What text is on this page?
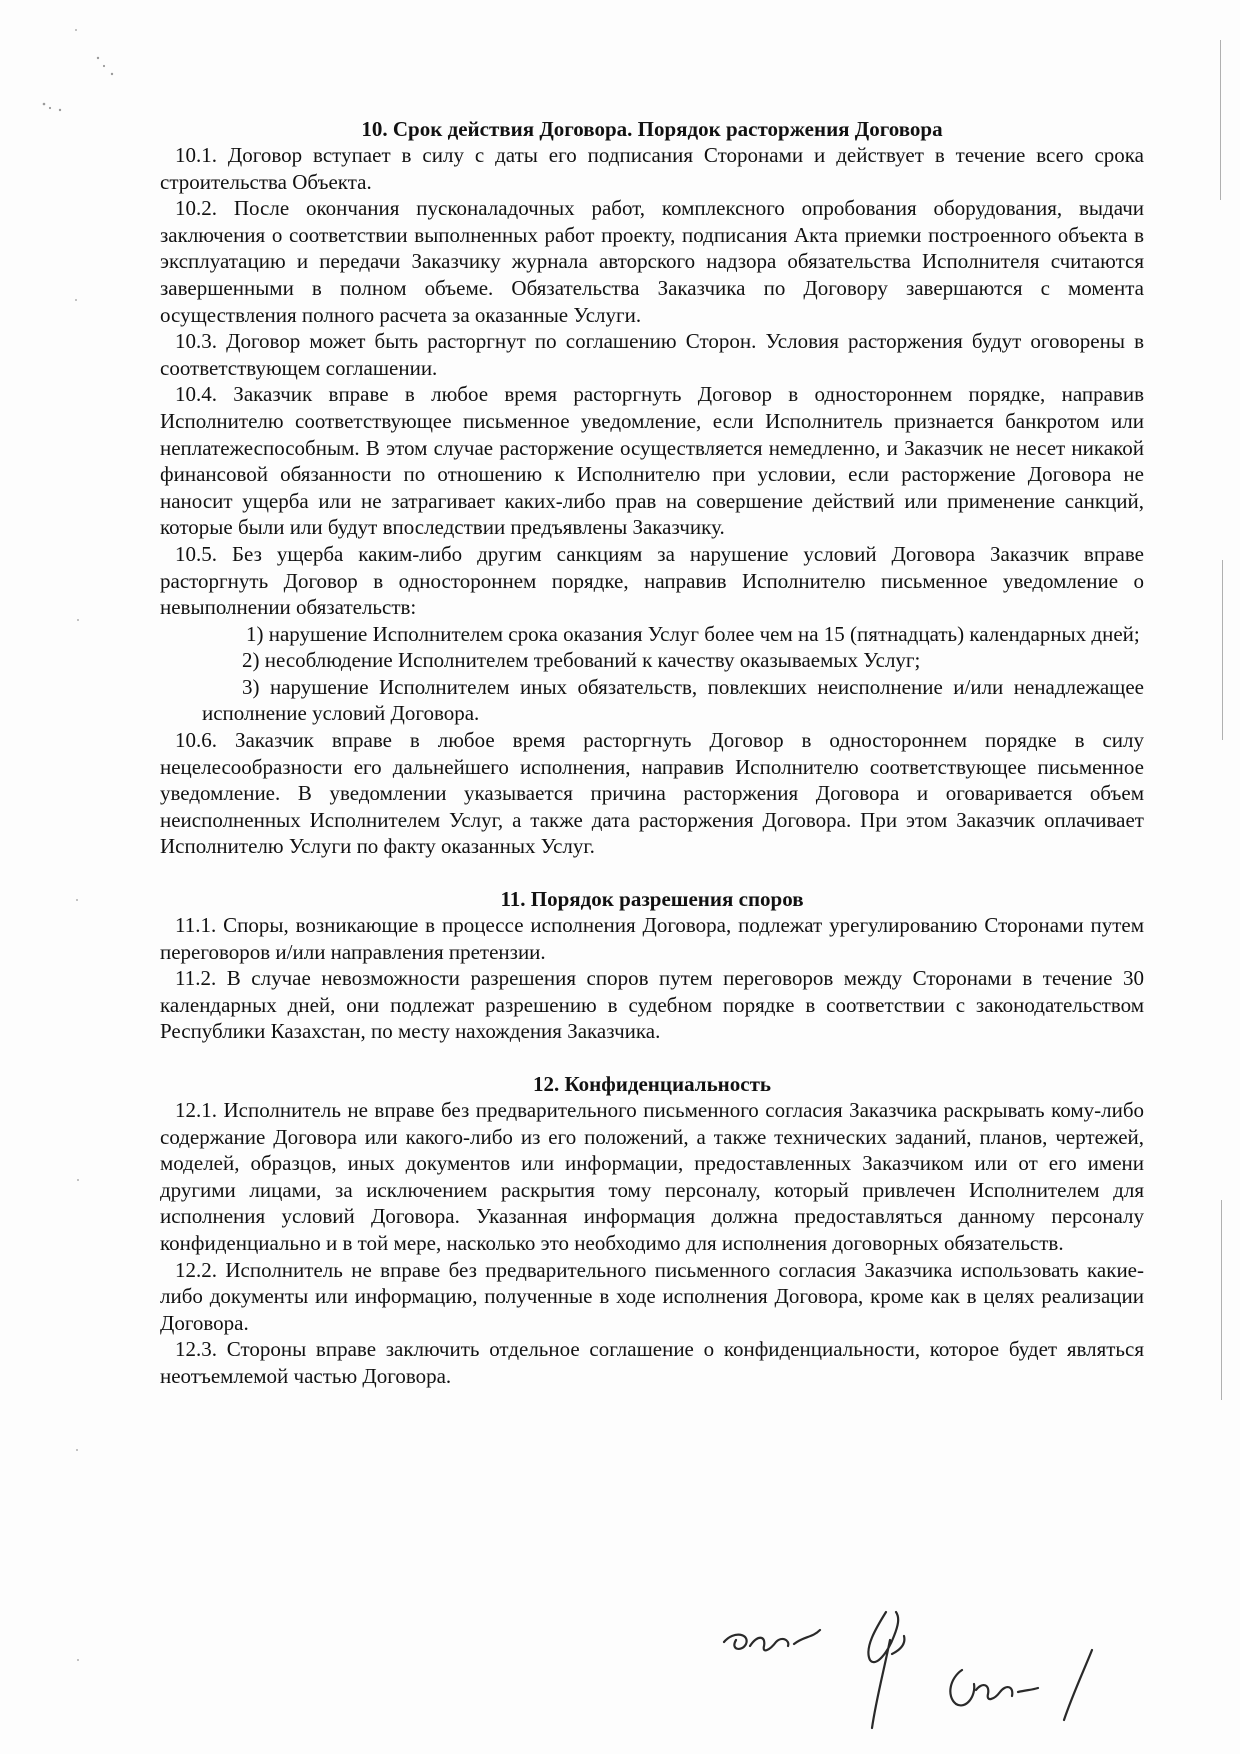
10. Срок действия Договора. Порядок расторжения Договора

10.1. Договор вступает в силу с даты его подписания Сторонами и действует в течение всего срока строительства Объекта.

10.2. После окончания пусконаладочных работ, комплексного опробования оборудования, выдачи заключения о соответствии выполненных работ проекту, подписания Акта приемки построенного объекта в эксплуатацию и передачи Заказчику журнала авторского надзора обязательства Исполнителя считаются завершенными в полном объеме. Обязательства Заказчика по Договору завершаются с момента осуществления полного расчета за оказанные Услуги.

10.3. Договор может быть расторгнут по соглашению Сторон. Условия расторжения будут оговорены в соответствующем соглашении.

10.4. Заказчик вправе в любое время расторгнуть Договор в одностороннем порядке, направив Исполнителю соответствующее письменное уведомление, если Исполнитель признается банкротом или неплатежеспособным. В этом случае расторжение осуществляется немедленно, и Заказчик не несет никакой финансовой обязанности по отношению к Исполнителю при условии, если расторжение Договора не наносит ущерба или не затрагивает каких-либо прав на совершение действий или применение санкций, которые были или будут впоследствии предъявлены Заказчику.

10.5. Без ущерба каким-либо другим санкциям за нарушение условий Договора Заказчик вправе расторгнуть Договор в одностороннем порядке, направив Исполнителю письменное уведомление о невыполнении обязательств:

1) нарушение Исполнителем срока оказания Услуг более чем на 15 (пятнадцать) календарных дней;

2) несоблюдение Исполнителем требований к качеству оказываемых Услуг;

3) нарушение Исполнителем иных обязательств, повлекших неисполнение и/или ненадлежащее исполнение условий Договора.

10.6. Заказчик вправе в любое время расторгнуть Договор в одностороннем порядке в силу нецелесообразности его дальнейшего исполнения, направив Исполнителю соответствующее письменное уведомление. В уведомлении указывается причина расторжения Договора и оговаривается объем неисполненных Исполнителем Услуг, а также дата расторжения Договора. При этом Заказчик оплачивает Исполнителю Услуги по факту оказанных Услуг.

11. Порядок разрешения споров

11.1. Споры, возникающие в процессе исполнения Договора, подлежат урегулированию Сторонами путем переговоров и/или направления претензии.

11.2. В случае невозможности разрешения споров путем переговоров между Сторонами в течение 30 календарных дней, они подлежат разрешению в судебном порядке в соответствии с законодательством Республики Казахстан, по месту нахождения Заказчика.

12. Конфиденциальность

12.1. Исполнитель не вправе без предварительного письменного согласия Заказчика раскрывать кому-либо содержание Договора или какого-либо из его положений, а также технических заданий, планов, чертежей, моделей, образцов, иных документов или информации, предоставленных Заказчиком или от его имени другими лицами, за исключением раскрытия тому персоналу, который привлечен Исполнителем для исполнения условий Договора. Указанная информация должна предоставляться данному персоналу конфиденциально и в той мере, насколько это необходимо для исполнения договорных обязательств.

12.2. Исполнитель не вправе без предварительного письменного согласия Заказчика использовать какие-либо документы или информацию, полученные в ходе исполнения Договора, кроме как в целях реализации Договора.

12.3. Стороны вправе заключить отдельное соглашение о конфиденциальности, которое будет являться неотъемлемой частью Договора.
